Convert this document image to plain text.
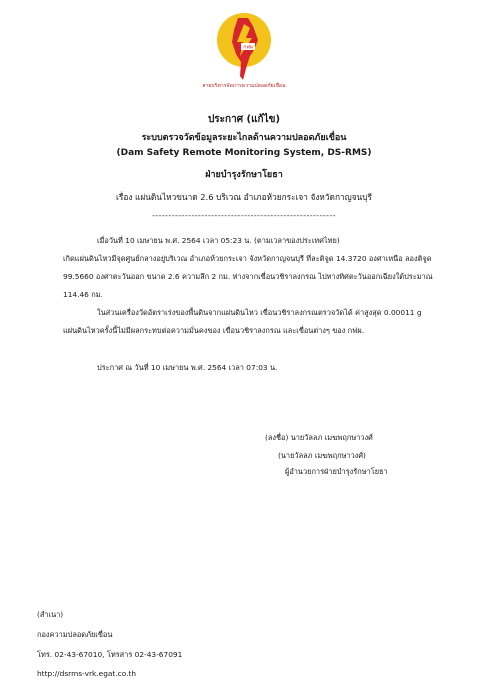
กฟผ
สายบริหารจัดการความปลอดภัยเขื่อน
ประกาศ (แก้ไข)
ระบบตรวจวัดข้อมูลระยะไกลด้านความปลอดภัยเขื่อน
(Dam Safety Remote Monitoring System, DS-RMS)
ฝ่ายบำรุงรักษาโยธา
เรื่อง แผ่นดินไหวขนาด 2.6 บริเวณ อำเภอห้วยกระเจา จังหวัดกาญจนบุรี
--------------------------------------------------------
เมื่อวันที่ 10 เมษายน พ.ศ. 2564 เวลา 05:23 น. (ตามเวลาของประเทศไทย)
เกิดแผ่นดินไหวมีจุดศูนย์กลางอยู่บริเวณ อำเภอห้วยกระเจา จังหวัดกาญจนบุรี ที่ละติจูด 14.3720 องศาเหนือ ลองติจูด
99.5660 องศาตะวันออก ขนาด 2.6 ความลึก 2 กม. ห่างจากเขื่อนวชิราลงกรณ ไปทางทิศตะวันออกเฉียงใต้ประมาณ
114.46 กม.
ในส่วนเครื่องวัดอัตราเร่งของพื้นดินจากแผ่นดินไหว เขื่อนวชิราลงกรณตรวจวัดได้ ค่าสูงสุด 0.00011 g
แผ่นดินไหวครั้งนี้ไม่มีผลกระทบต่อความมั่นคงของ เขื่อนวชิราลงกรณ และเขื่อนต่างๆ ของ กฟผ.
ประกาศ ณ วันที่ 10 เมษายน พ.ศ. 2564 เวลา 07:03 น.
(ลงชื่อ) นายวัลลภ เมฆพฤกษาวงศ์
(นายวัลลภ เมฆพฤกษาวงศ์)
ผู้อำนวยการฝ่ายบำรุงรักษาโยธา
(สำเนา)
กองความปลอดภัยเขื่อน
โทร. 02-43-67010, โทรสาร 02-43-67091
http://dsrms-vrk.egat.co.th
